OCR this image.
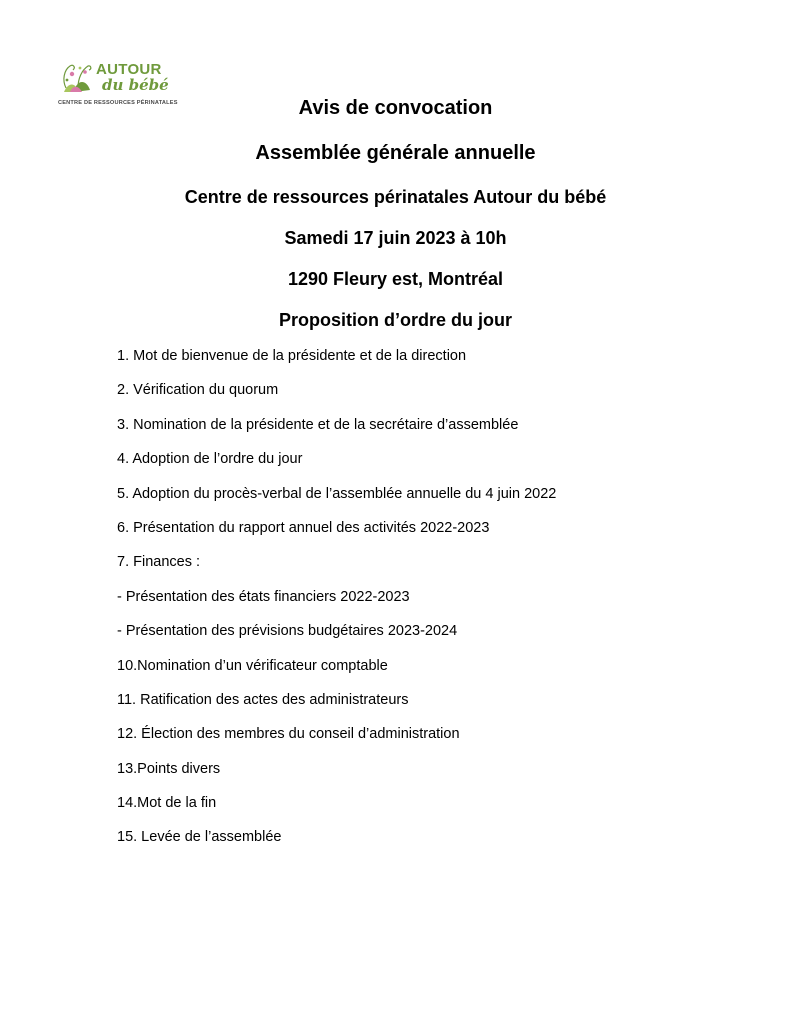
AUTOUR
du bébé
CENTRE DE RESSOURCES PÉRINATALES	Avis de convocation

Assemblée générale annuelle

Centre de ressources périnatales Autour du bébé

Samedi 17 juin 2023 à 10h

1290 Fleury est, Montréal

Proposition d’ordre du jour

1. Mot de bienvenue de la présidente et de la direction
2. Vérification du quorum
3. Nomination de la présidente et de la secrétaire d’assemblée
4. Adoption de l’ordre du jour
5. Adoption du procès-verbal de l’assemblée annuelle du 4 juin 2022
6. Présentation du rapport annuel des activités 2022-2023
7. Finances :
- Présentation des états financiers 2022-2023
- Présentation des prévisions budgétaires 2023-2024
10.Nomination d’un vérificateur comptable
11. Ratification des actes des administrateurs
12. Élection des membres du conseil d’administration
13.Points divers
14.Mot de la fin
15. Levée de l’assemblée
